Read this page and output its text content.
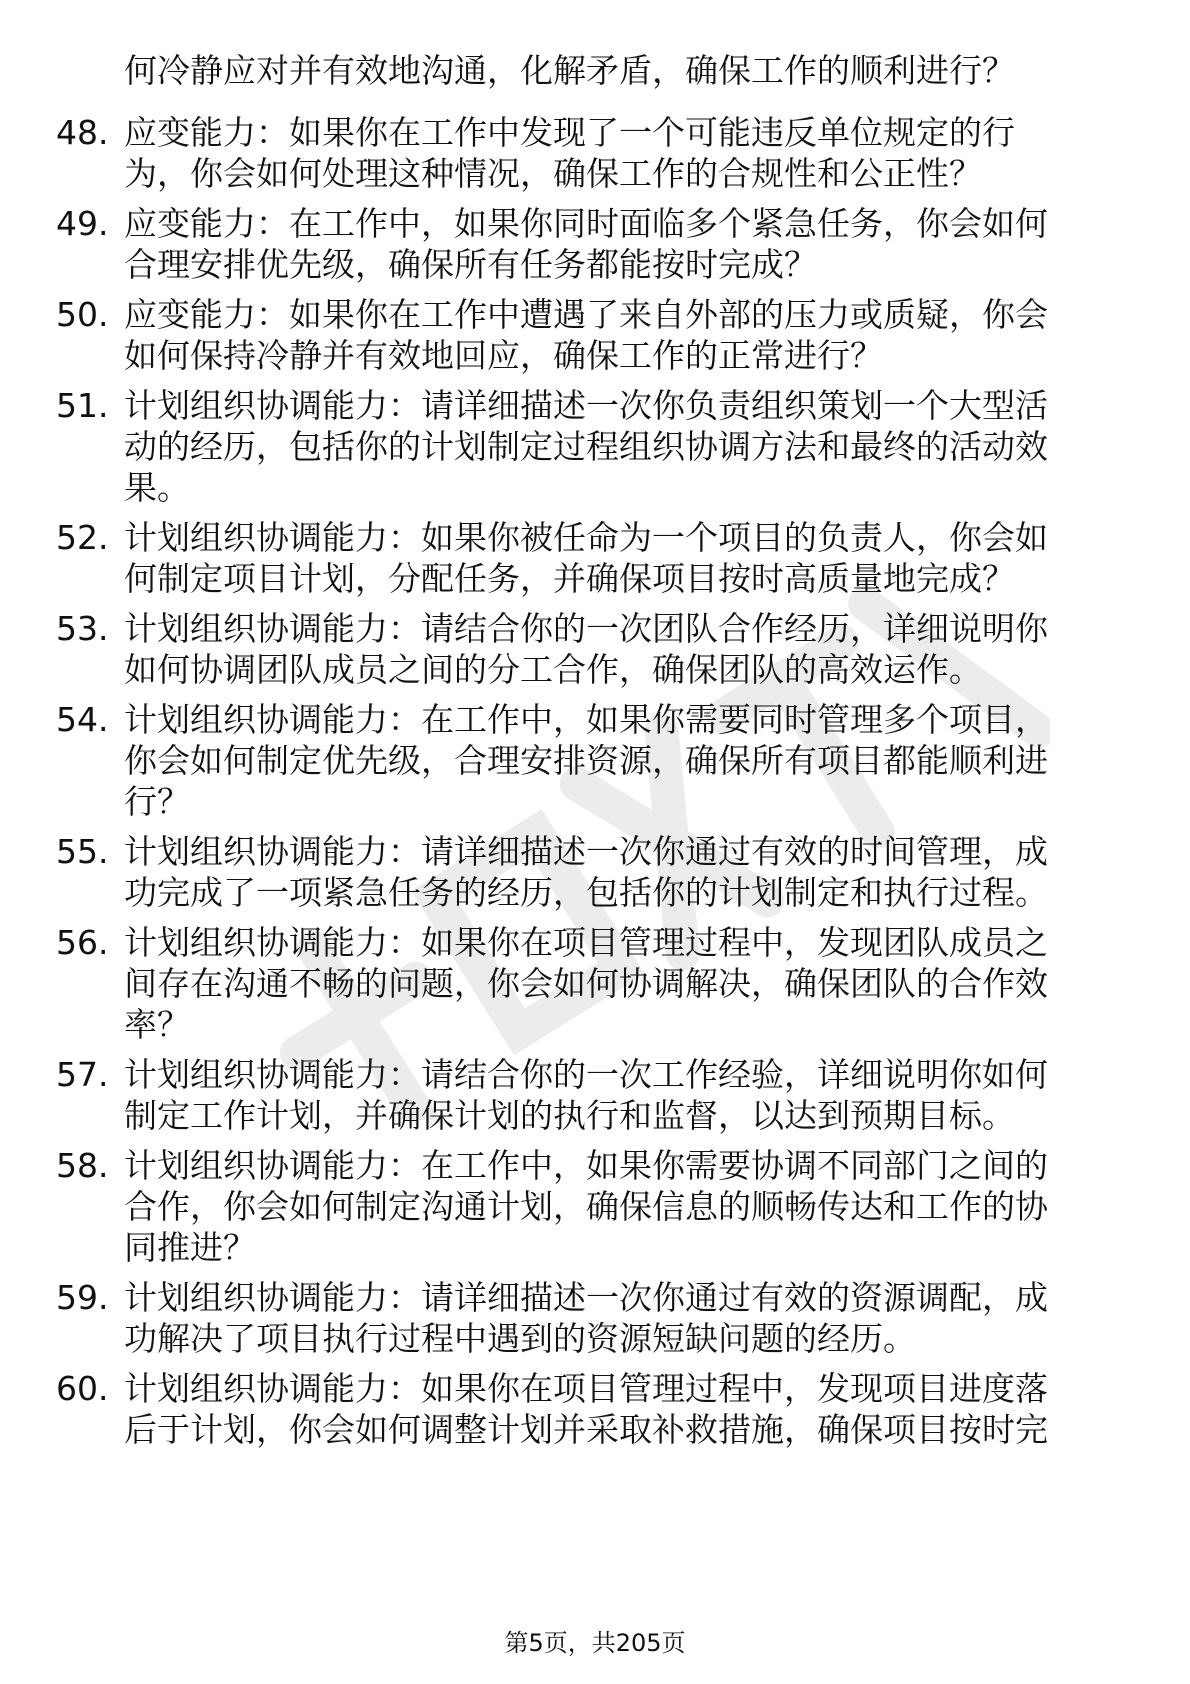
何冷静应对并有效地沟通，化解矛盾，确保工作的顺利进行？
48. 应变能力：如果你在工作中发现了一个可能违反单位规定的行
为，你会如何处理这种情况，确保工作的合规性和公正性？
49. 应变能力：在工作中，如果你同时面临多个紧急任务，你会如何
合理安排优先级，确保所有任务都能按时完成？
50. 应变能力：如果你在工作中遭遇了来自外部的压力或质疑，你会
如何保持冷静并有效地回应，确保工作的正常进行？
51. 计划组织协调能力：请详细描述一次你负责组织策划一个大型活
动的经历，包括你的计划制定过程组织协调方法和最终的活动效
果。
52. 计划组织协调能力：如果你被任命为一个项目的负责人，你会如
何制定项目计划，分配任务，并确保项目按时高质量地完成？
53. 计划组织协调能力：请结合你的一次团队合作经历，详细说明你
如何协调团队成员之间的分工合作，确保团队的高效运作。
54. 计划组织协调能力：在工作中，如果你需要同时管理多个项目，
你会如何制定优先级，合理安排资源，确保所有项目都能顺利进
行？
55. 计划组织协调能力：请详细描述一次你通过有效的时间管理，成
功完成了一项紧急任务的经历，包括你的计划制定和执行过程。
56. 计划组织协调能力：如果你在项目管理过程中，发现团队成员之
间存在沟通不畅的问题，你会如何协调解决，确保团队的合作效
率？
57. 计划组织协调能力：请结合你的一次工作经验，详细说明你如何
制定工作计划，并确保计划的执行和监督，以达到预期目标。
58. 计划组织协调能力：在工作中，如果你需要协调不同部门之间的
合作，你会如何制定沟通计划，确保信息的顺畅传达和工作的协
同推进？
59. 计划组织协调能力：请详细描述一次你通过有效的资源调配，成
功解决了项目执行过程中遇到的资源短缺问题的经历。
60. 计划组织协调能力：如果你在项目管理过程中，发现项目进度落
后于计划，你会如何调整计划并采取补救措施，确保项目按时完
第5页，共205页
